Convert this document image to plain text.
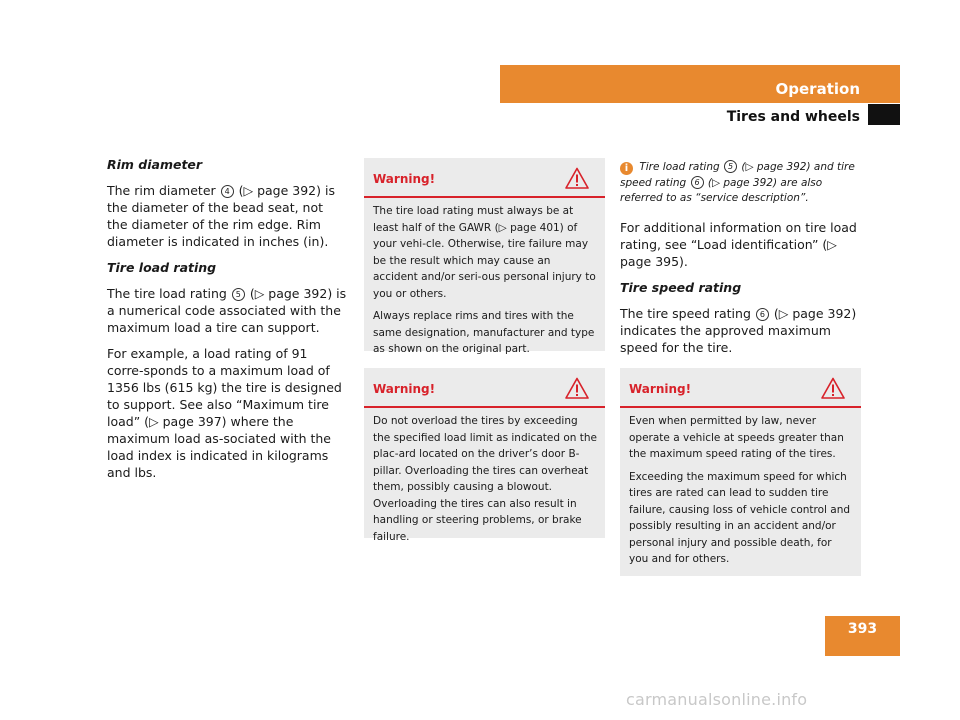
Operation
Tires and wheels

Rim diameter

The rim diameter 4 (▷ page 392) is the diameter of the bead seat, not the diameter of the rim edge. Rim diameter is indicated in inches (in).

Tire load rating

The tire load rating 5 (▷ page 392) is a numerical code associated with the maximum load a tire can support.

For example, a load rating of 91 corre-sponds to a maximum load of 1356 lbs (615 kg) the tire is designed to support. See also “Maximum tire load” (▷ page 397) where the maximum load as-sociated with the load index is indicated in kilograms and lbs.

Warning!

The tire load rating must always be at least half of the GAWR (▷ page 401) of your vehi-cle. Otherwise, tire failure may be the result which may cause an accident and/or seri-ous personal injury to you or others.

Always replace rims and tires with the same designation, manufacturer and type as shown on the original part.

Warning!

Do not overload the tires by exceeding the specified load limit as indicated on the plac-ard located on the driver’s door B-pillar. Overloading the tires can overheat them, possibly causing a blowout. Overloading the tires can also result in handling or steering problems, or brake failure.

i Tire load rating 5 (▷ page 392) and tire speed rating 6 (▷ page 392) are also referred to as “service description”.

For additional information on tire load rating, see “Load identification” (▷ page 395).

Tire speed rating

The tire speed rating 6 (▷ page 392) indicates the approved maximum speed for the tire.

Warning!

Even when permitted by law, never operate a vehicle at speeds greater than the maximum speed rating of the tires.

Exceeding the maximum speed for which tires are rated can lead to sudden tire failure, causing loss of vehicle control and possibly resulting in an accident and/or personal injury and possible death, for you and for others.

393
carmanualsonline.info
